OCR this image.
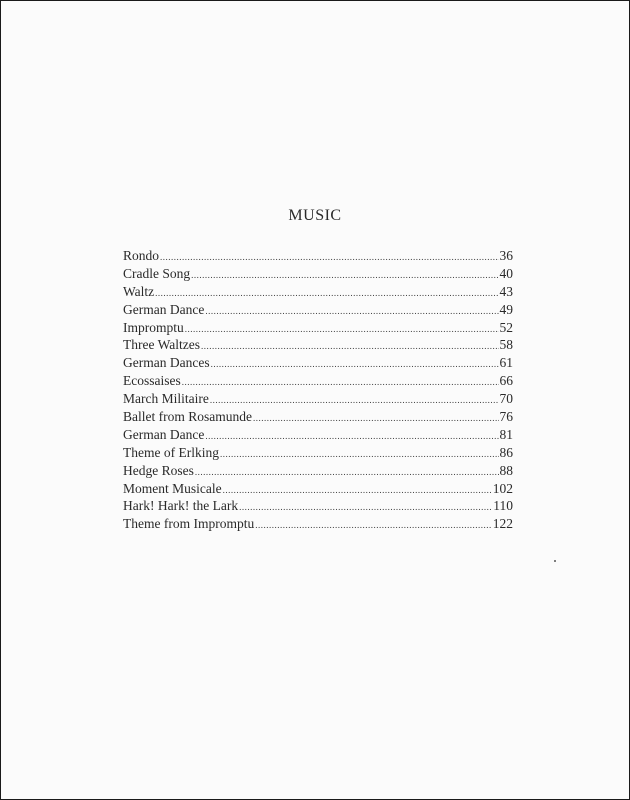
MUSIC
Rondo .....	36
Cradle Song .....	40
Waltz .....	43
German Dance .....	49
Impromptu .....	52
Three Waltzes .....	58
German Dances .....	61
Ecossaises .....	66
March Militaire .....	70
Ballet from Rosamunde .....	76
German Dance .....	81
Theme of Erlking .....	86
Hedge Roses .....	88
Moment Musicale .....	102
Hark! Hark! the Lark .....	110
Theme from Impromptu .....	122
